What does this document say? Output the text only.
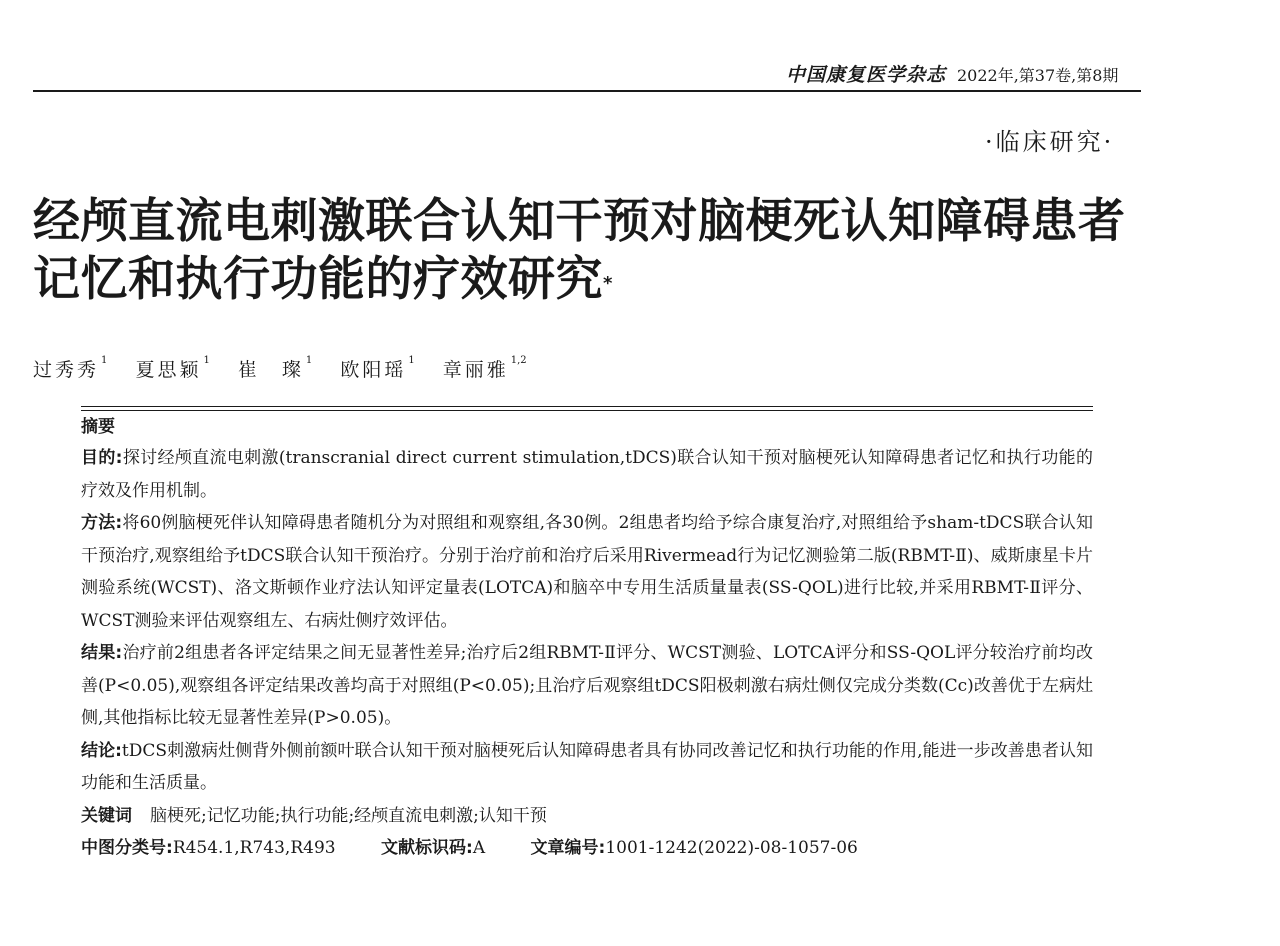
中国康复医学杂志 2022年,第37卷,第8期
·临床研究·
经颅直流电刺激联合认知干预对脑梗死认知障碍患者
记忆和执行功能的疗效研究*
过秀秀 $^1$ 夏思颖 $^1$ 崔　璨 $^1$ 欧阳瑶 $^1$ 章丽雅 $^{1,2}$

摘要

目的:探讨经颅直流电刺激(transcranial direct current stimulation,tDCS)联合认知干预对脑梗死认知障碍患者记忆和执行功能的疗效及作用机制。

方法:将60例脑梗死伴认知障碍患者随机分为对照组和观察组,各30例。2组患者均给予综合康复治疗,对照组给予sham-tDCS联合认知干预治疗,观察组给予tDCS联合认知干预治疗。分别于治疗前和治疗后采用Rivermead行为记忆测验第二版(RBMT-Ⅱ)、威斯康星卡片测验系统(WCST)、洛文斯顿作业疗法认知评定量表(LOTCA)和脑卒中专用生活质量量表(SS-QOL)进行比较,并采用RBMT-Ⅱ评分、WCST测验来评估观察组左、右病灶侧疗效评估。

结果:治疗前2组患者各评定结果之间无显著性差异;治疗后2组RBMT-Ⅱ评分、WCST测验、LOTCA评分和SS-QOL评分较治疗前均改善(P<0.05),观察组各评定结果改善均高于对照组(P<0.05);且治疗后观察组tDCS阳极刺激右病灶侧仅完成分类数(Cc)改善优于左病灶侧,其他指标比较无显著性差异(P>0.05)。

结论:tDCS刺激病灶侧背外侧前额叶联合认知干预对脑梗死后认知障碍患者具有协同改善记忆和执行功能的作用,能进一步改善患者认知功能和生活质量。

关键词 脑梗死;记忆功能;执行功能;经颅直流电刺激;认知干预

中图分类号:R454.1,R743,R493	文献标识码:A	文章编号:1001-1242(2022)-08-1057-06
